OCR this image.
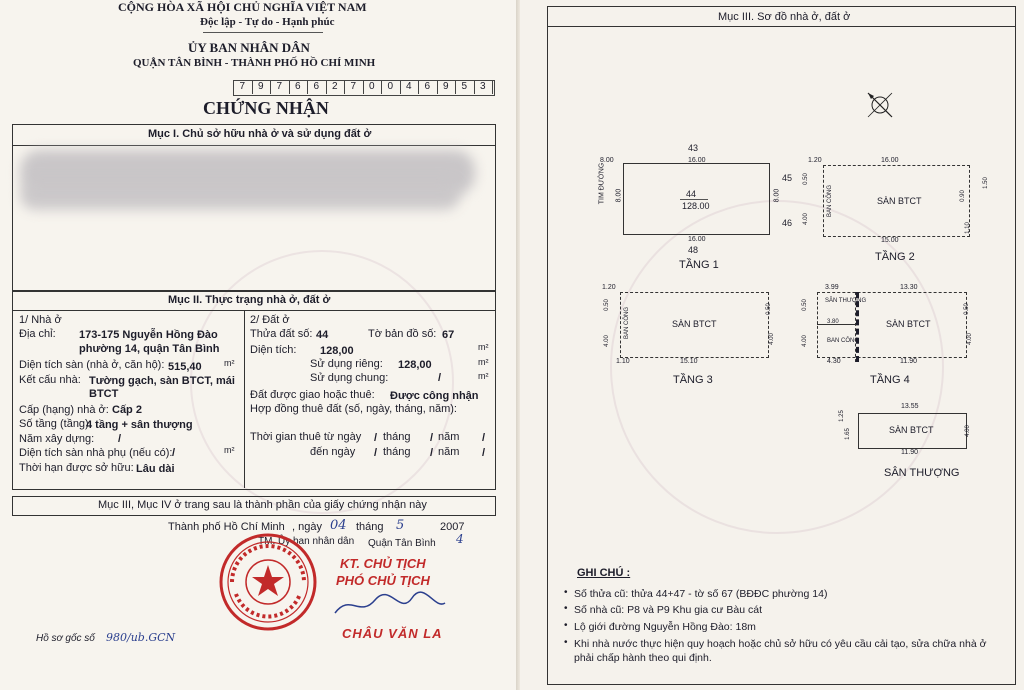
CỘNG HÒA XÃ HỘI CHỦ NGHĨA VIỆT NAM
Độc lập - Tự do - Hạnh phúc
ỦY BAN NHÂN DÂN
QUẬN TÂN BÌNH - THÀNH PHỐ HỒ CHÍ MINH
7	9	7	6	6	2	7	0	0	4	6	9	5	3
CHỨNG NHẬN
Mục I. Chủ sở hữu nhà ở và sử dụng đất ở
Mục II. Thực trạng nhà ở, đất ở
1/ Nhà ở
Địa chỉ: 173-175 Nguyễn Hồng Đào
phường 14, quận Tân Bình
Diện tích sàn (nhà ở, căn hộ): 515,40 m²
Kết cấu nhà: Tường gạch, sàn BTCT, mái
BTCT
Cấp (hạng) nhà ở: Cấp 2
Số tầng (tầng):
4 tầng + sân thượng
Năm xây dựng: /
Diện tích sàn nhà phụ (nếu có): /	m²
Thời hạn được sở hữu: Lâu dài
2/ Đất ở
Thửa đất số: 44	Tờ bản đồ số: 67
Diện tích: 128,00	m²
Sử dụng riêng: 128,00	m²
Sử dụng chung:	/	m²
Đất được giao hoặc thuê: Được công nhận
Hợp đồng thuê đất (số, ngày, tháng, năm):
Thời gian thuê từ ngày / tháng / năm /
đến ngày / tháng / năm /
Mục III, Mục IV ở trang sau là thành phần của giấy chứng nhận này
Thành phố Hồ Chí Minh , ngày 04 tháng 5	2007
TM. Ủy ban nhân dân Quận Tân Bình 4
KT. CHỦ TỊCH
PHÓ CHỦ TỊCH
CHÂU VĂN LA
Hồ sơ gốc số 980/ub.GCN
Mục III. Sơ đồ nhà ở, đất ở
43
16.00
8.00
TIM ĐƯỜNG 8.00	8.00
44
128.00
45
46
16.00
48
TẦNG 1
16.00
1.20
BAN CÔNG
0.50
4.00
0.90
1.50
1.10
SÀN BTCT
15.00
TẦNG 2
1.20
0.50
4.00
BAN CÔNG	0.50
4.00
SÀN BTCT
15.10
1.10
TẦNG 3
3.99	13.30
SÂN THƯỢNG
3.80
BAN CÔNG
0.50
4.00
0.50
4.00
SÀN BTCT
4.30	11.90
TẦNG 4
13.55
1.25
1.65	4.00
SÀN BTCT
11.90
SÂN THƯỢNG
GHI CHÚ :
• Số thửa cũ: thửa 44+47 - tờ số 67 (BĐĐC phường 14)
• Số nhà cũ: P8 và P9 Khu gia cư Bàu cát
• Lộ giới đường Nguyễn Hồng Đào: 18m
• Khi nhà nước thực hiện quy hoạch hoặc chủ sở hữu có yêu cầu cải tạo, sửa chữa nhà ở phải chấp hành theo qui định.
